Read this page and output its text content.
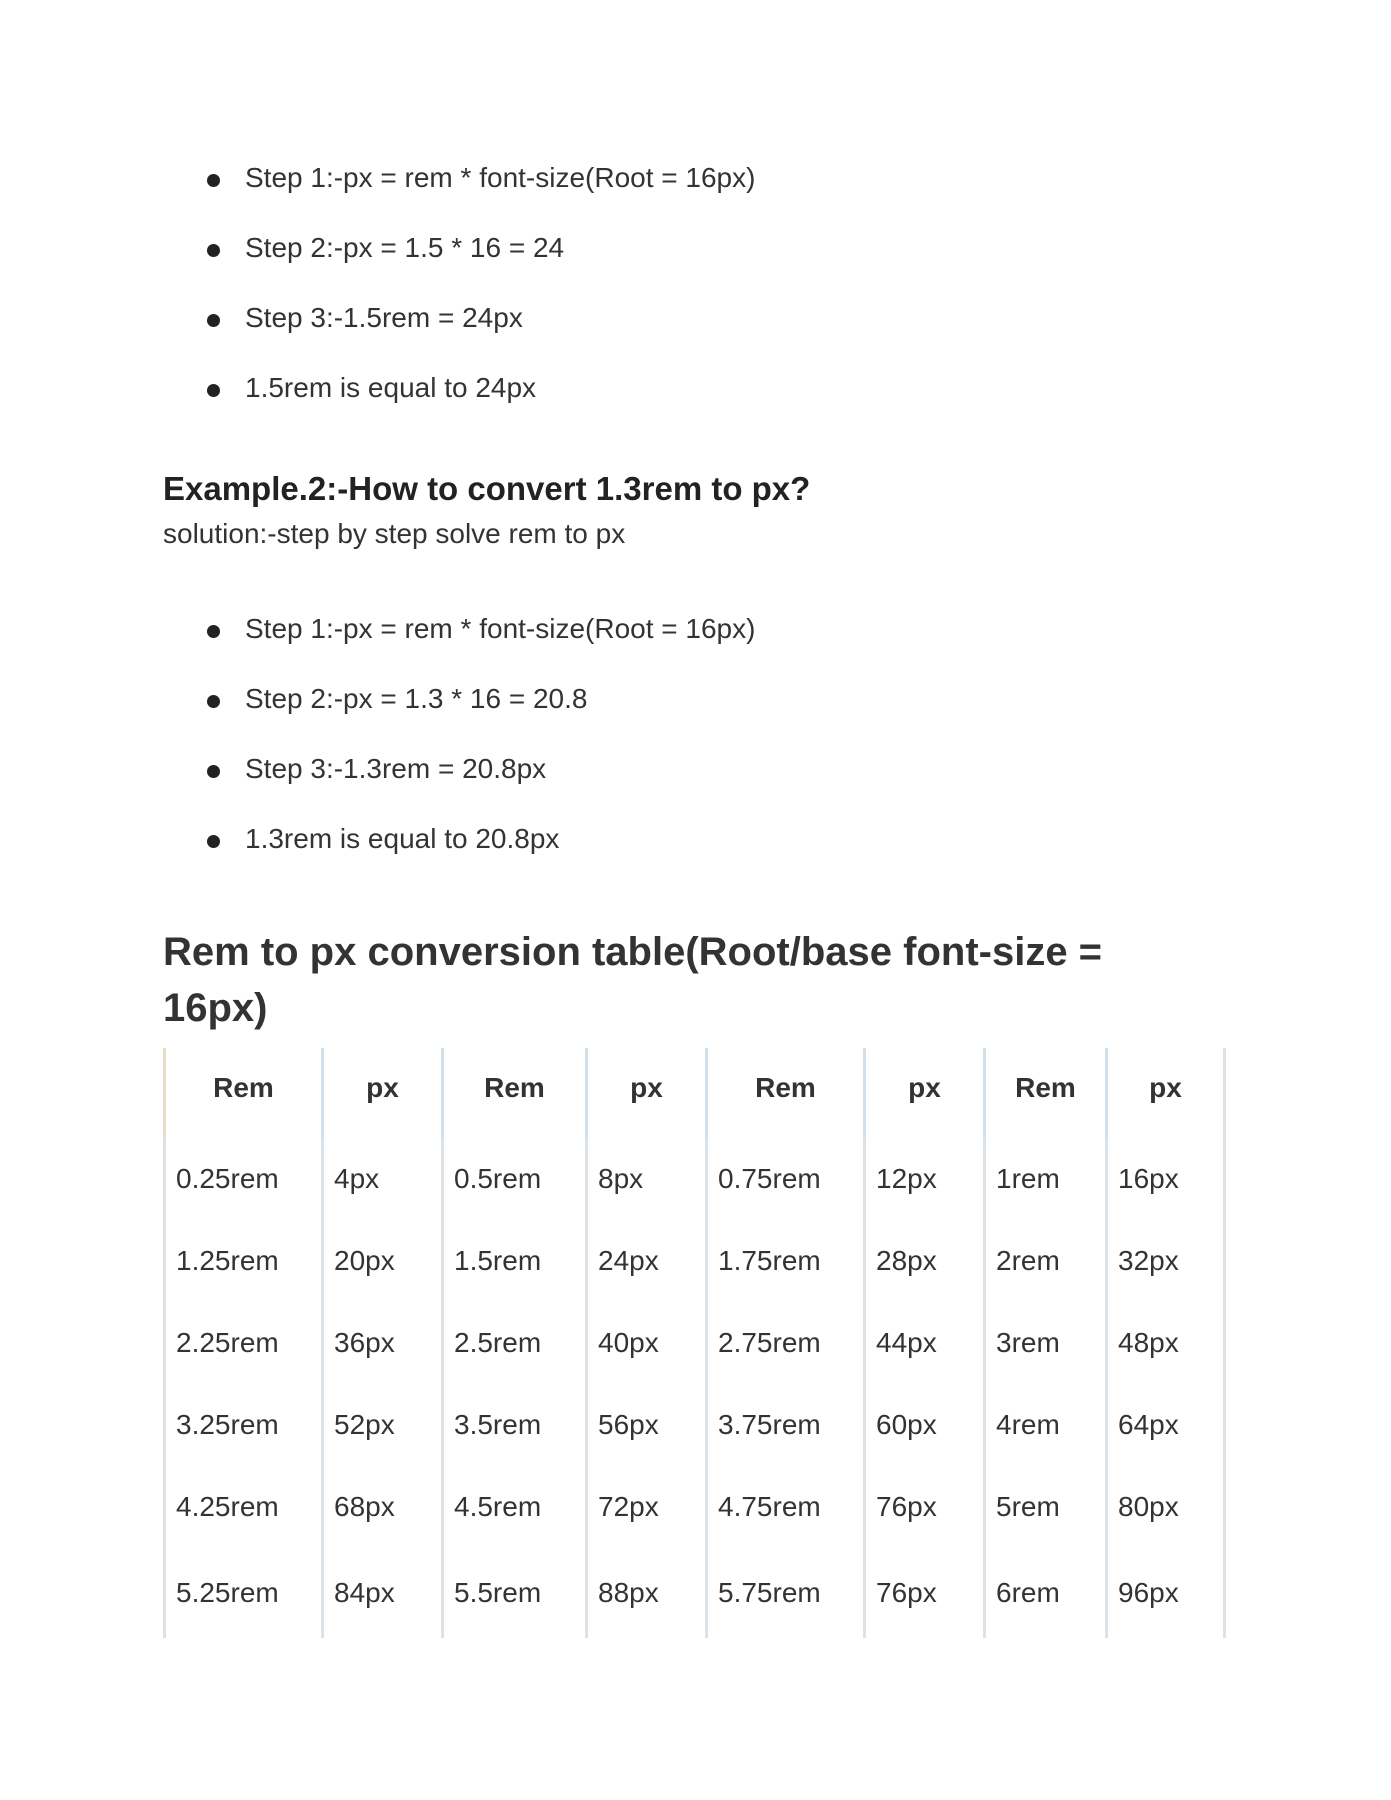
Step 1:-px = rem * font-size(Root = 16px)
Step 2:-px = 1.5 * 16 = 24
Step 3:-1.5rem = 24px
1.5rem is equal to 24px
Example.2:-How to convert 1.3rem to px?
solution:-step by step solve rem to px
Step 1:-px = rem * font-size(Root = 16px)
Step 2:-px = 1.3 * 16 = 20.8
Step 3:-1.3rem = 20.8px
1.3rem is equal to 20.8px
Rem to px conversion table(Root/base font-size = 16px)
Rem	px	Rem	px	Rem	px	Rem	px
0.25rem	4px	0.5rem	8px	0.75rem	12px	1rem	16px
1.25rem	20px	1.5rem	24px	1.75rem	28px	2rem	32px
2.25rem	36px	2.5rem	40px	2.75rem	44px	3rem	48px
3.25rem	52px	3.5rem	56px	3.75rem	60px	4rem	64px
4.25rem	68px	4.5rem	72px	4.75rem	76px	5rem	80px
5.25rem	84px	5.5rem	88px	5.75rem	76px	6rem	96px
